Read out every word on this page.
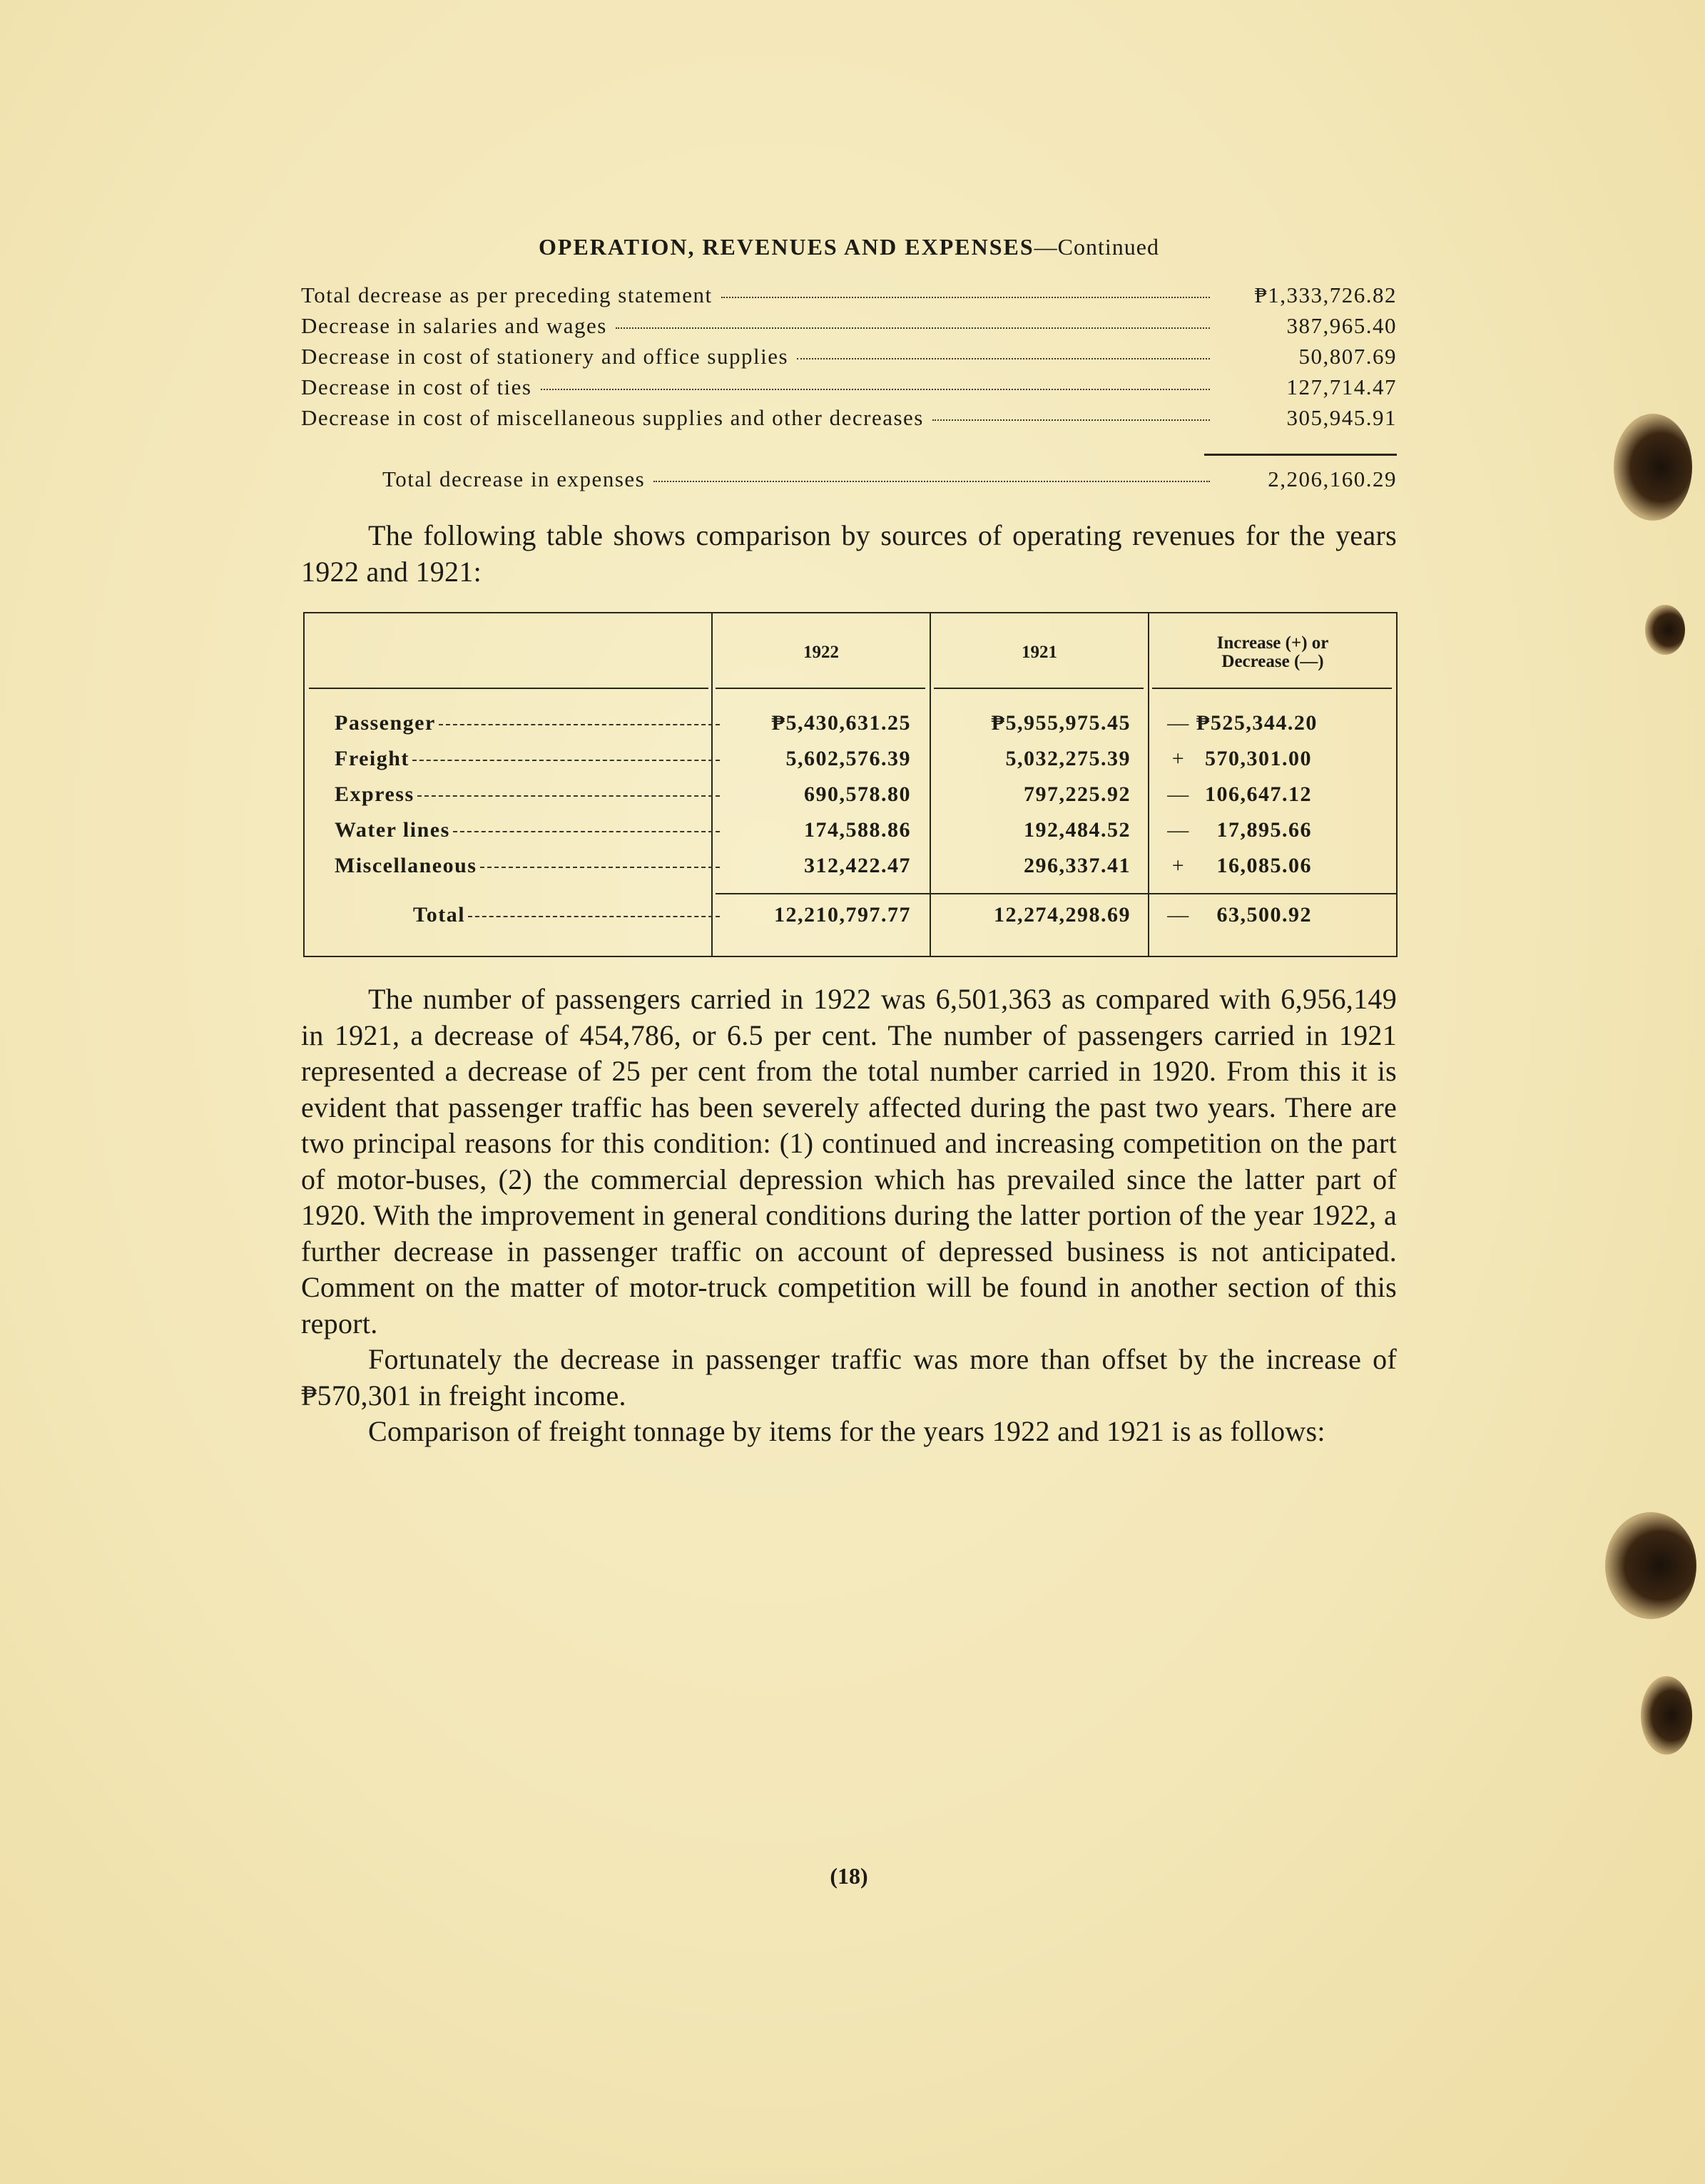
OPERATION, REVENUES AND EXPENSES—Continued
Total decrease as per preceding statement	₱1,333,726.82
Decrease in salaries and wages	387,965.40
Decrease in cost of stationery and office supplies	50,807.69
Decrease in cost of ties	127,714.47
Decrease in cost of miscellaneous supplies and other decreases	305,945.91
Total decrease in expenses	2,206,160.29

The following table shows comparison by sources of operating revenues for the years 1922 and 1921:

1922	1921	Increase (+) or
Decrease (—)
Passenger	₱5,430,631.25	₱5,955,975.45	— ₱525,344.20
Freight	5,602,576.39	5,032,275.39	+ 570,301.00
Express	690,578.80	797,225.92	— 106,647.12
Water lines	174,588.86	192,484.52	—	17,895.66
Miscellaneous	312,422.47	296,337.41	+	16,085.06
Total	12,210,797.77	12,274,298.69	—	63,500.92

The number of passengers carried in 1922 was 6,501,363 as compared with 6,956,149 in 1921, a decrease of 454,786, or 6.5 per cent. The number of passengers carried in 1921 represented a decrease of 25 per cent from the total number carried in 1920. From this it is evident that passenger traffic has been severely affected during the past two years. There are two principal reasons for this condition: (1) continued and increasing competition on the part of motor-buses, (2) the commercial depression which has prevailed since the latter part of 1920. With the improvement in general conditions during the latter portion of the year 1922, a further decrease in passenger traffic on account of depressed business is not anticipated. Comment on the matter of motor-truck competition will be found in another section of this report.

Fortunately the decrease in passenger traffic was more than offset by the increase of ₱570,301 in freight income.

Comparison of freight tonnage by items for the years 1922 and 1921 is as follows:

(18)
